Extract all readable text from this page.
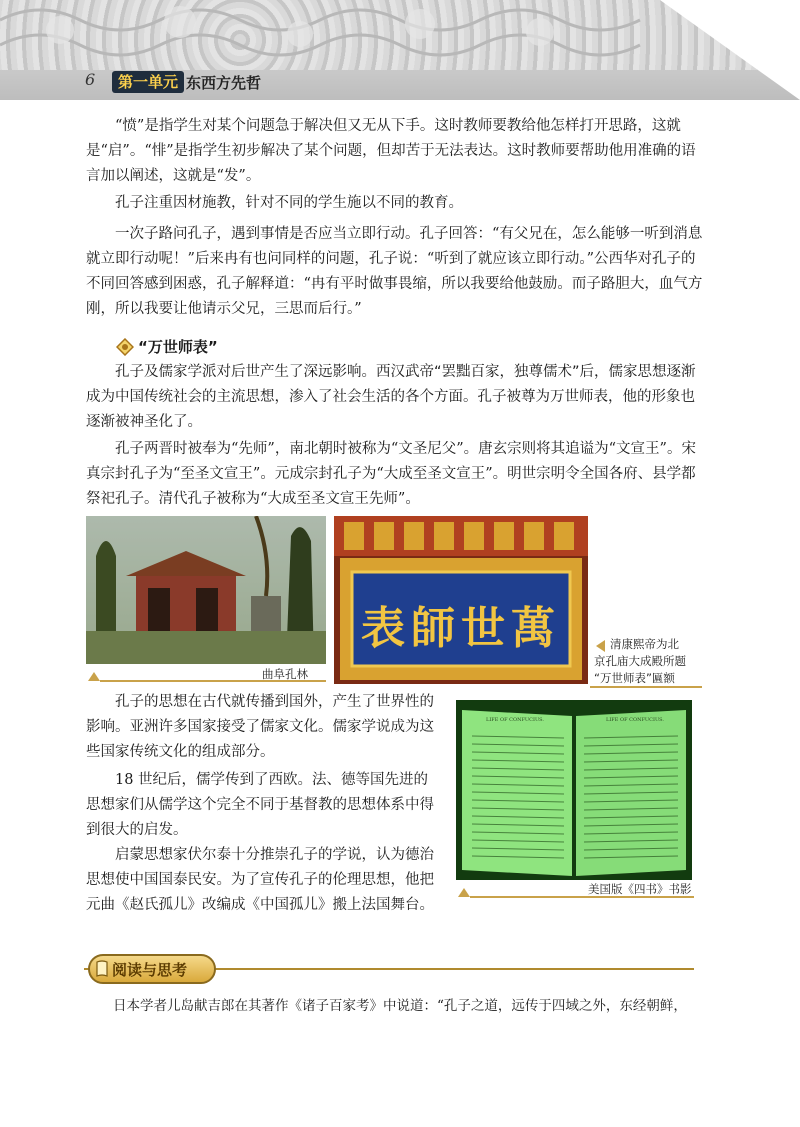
6	第一单元 东西方先哲

“愤”是指学生对某个问题急于解决但又无从下手。这时教师要教给他怎样打开思路，这就是“启”。“悱”是指学生初步解决了某个问题，但却苦于无法表达。这时教师要帮助他用准确的语言加以阐述，这就是“发”。

孔子注重因材施教，针对不同的学生施以不同的教育。

一次子路问孔子，遇到事情是否应当立即行动。孔子回答：“有父兄在，怎么能够一听到消息就立即行动呢！”后来冉有也问同样的问题，孔子说：“听到了就应该立即行动。”公西华对孔子的不同回答感到困惑，孔子解释道：“冉有平时做事畏缩，所以我要给他鼓励。而子路胆大，血气方刚，所以我要让他请示父兄，三思而后行。”

“万世师表”

孔子及儒家学派对后世产生了深远影响。西汉武帝“罢黜百家，独尊儒术”后，儒家思想逐渐成为中国传统社会的主流思想，渗入了社会生活的各个方面。孔子被尊为万世师表，他的形象也逐渐被神圣化了。

孔子两晋时被奉为“先师”，南北朝时被称为“文圣尼父”。唐玄宗则将其追谥为“文宣王”。宋真宗封孔子为“至圣文宣王”。元成宗封孔子为“大成至圣文宣王”。明世宗明令全国各府、县学都祭祀孔子。清代孔子被称为“大成至圣文宣王先师”。

曲阜孔林
萬世師表	清康熙帝为北
京孔庙大成殿所题
“万世师表”匾额

孔子的思想在古代就传播到国外，产生了世界性的影响。亚洲许多国家接受了儒家文化。儒家学说成为这些国家传统文化的组成部分。

18 世纪后，儒学传到了西欧。法、德等国先进的思想家们从儒学这个完全不同于基督教的思想体系中得到很大的启发。

启蒙思想家伏尔泰十分推崇孔子的学说，认为德治思想使中国国泰民安。为了宣传孔子的伦理思想，他把元曲《赵氏孤儿》改编成《中国孤儿》搬上法国舞台。

LIFE OF CONFUCIUS.	LIFE OF CONFUCIUS.
美国版《四书》书影
阅读与思考

日本学者儿岛献吉郎在其著作《诸子百家考》中说道：“孔子之道，远传于四域之外，东经朝鲜，
